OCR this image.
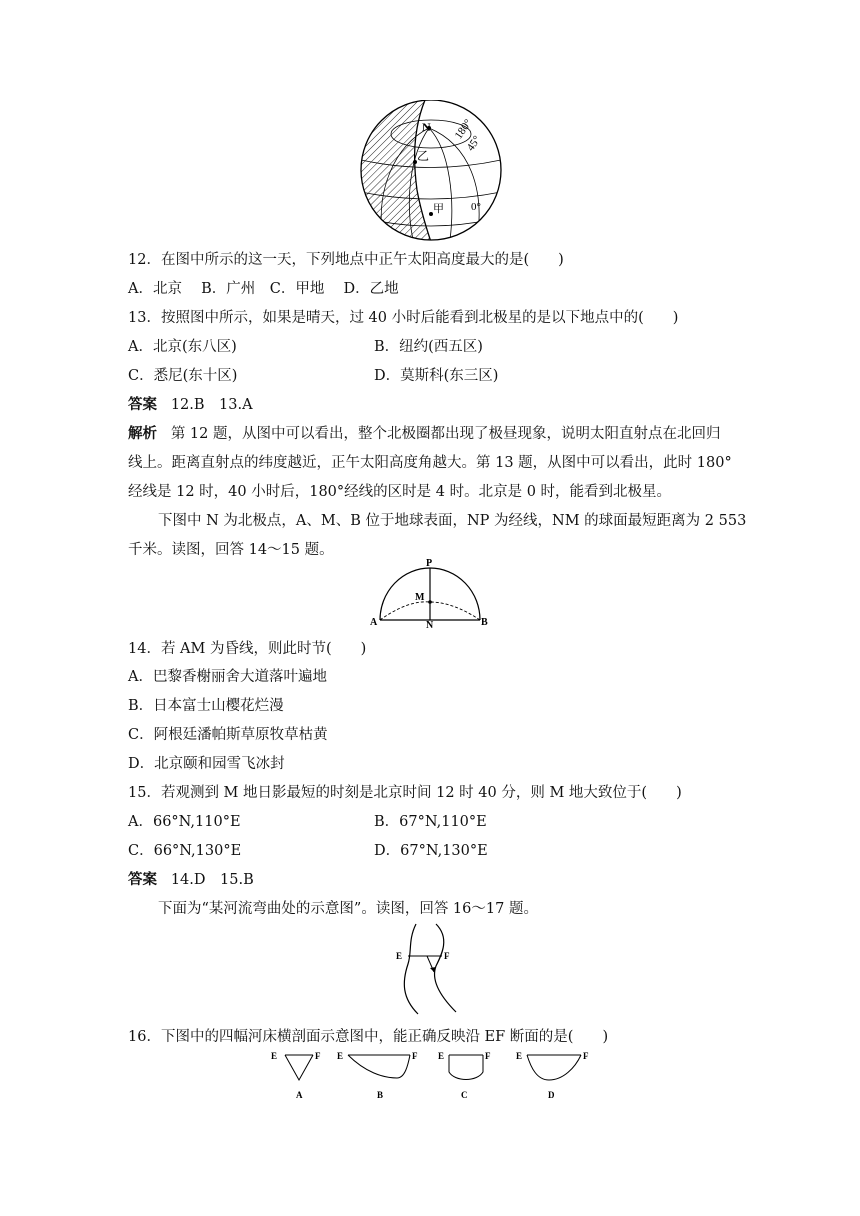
N 180°
45°
乙
甲 0°
12．在图中所示的这一天，下列地点中正午太阳高度最大的是(　　)
A．北京　 B．广州　C．甲地　 D．乙地
13．按照图中所示，如果是晴天，过 40 小时后能看到北极星的是以下地点中的(　　)
A．北京(东八区)	B．纽约(西五区)
C．悉尼(东十区)	D．莫斯科(东三区)
答案 12.B　13.A
解析 第 12 题，从图中可以看出，整个北极圈都出现了极昼现象，说明太阳直射点在北回归
线上。距离直射点的纬度越近，正午太阳高度角越大。第 13 题，从图中可以看出，此时 180°
经线是 12 时，40 小时后，180°经线的区时是 4 时。北京是 0 时，能看到北极星。
下图中 N 为北极点，A、M、B 位于地球表面，NP 为经线，NM 的球面最短距离为 2 553
千米。读图，回答 14～15 题。
P
M
A	N	B
14．若 AM 为昏线，则此时节(　　)
A．巴黎香榭丽舍大道落叶遍地
B．日本富士山樱花烂漫
C．阿根廷潘帕斯草原牧草枯黄
D．北京颐和园雪飞冰封
15．若观测到 M 地日影最短的时刻是北京时间 12 时 40 分，则 M 地大致位于(　　)
A．66°N,110°E	B．67°N,110°E
C．66°N,130°E	D．67°N,130°E
答案 14.D　15.B
下面为“某河流弯曲处的示意图”。读图，回答 16～17 题。
E	F
16．下图中的四幅河床横剖面示意图中，能正确反映沿 EF 断面的是(　　)
E	F
A
E	F
B
E	F
C
E	F
D
